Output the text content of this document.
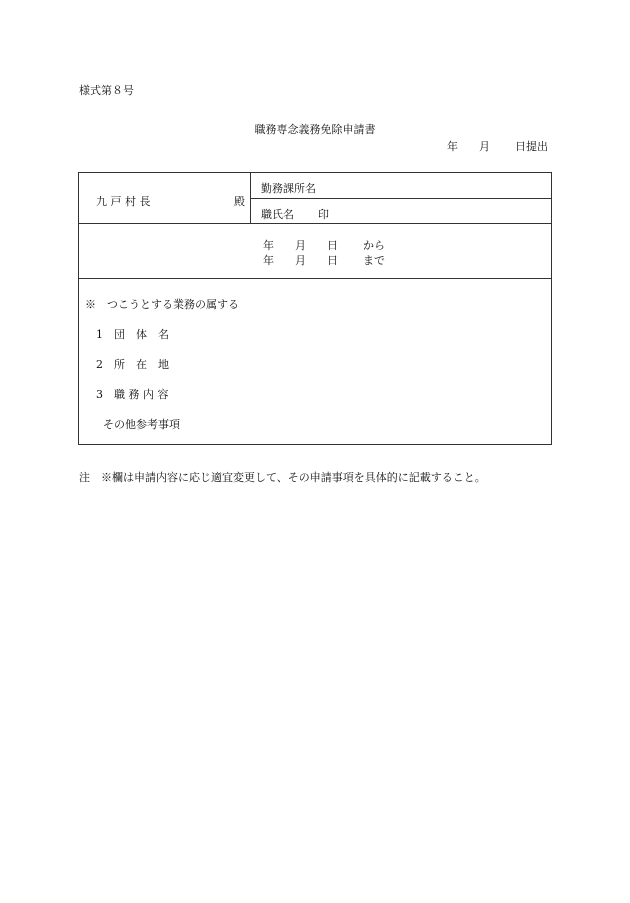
様式第８号
職務専念義務免除申請書
年 月 日提出
九 戸 村 長	殿
勤務課所名
職氏名 印
年 月 日 から
年 月 日 まで
※　つこうとする業務の属する
1　団　体　名
2　所　在　地
3　職 務 内 容
その他参考事項
注　※欄は申請内容に応じ適宜変更して、その申請事項を具体的に記載すること。
